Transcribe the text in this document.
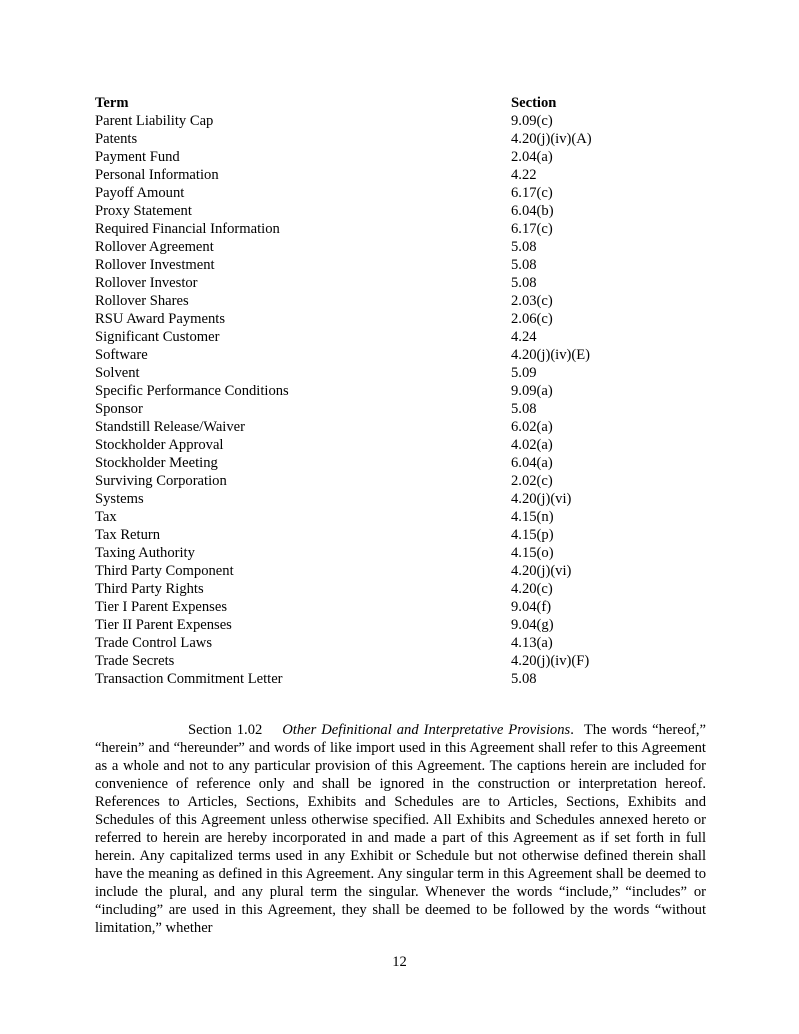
Term	Section
Parent Liability Cap	9.09(c)
Patents	4.20(j)(iv)(A)
Payment Fund	2.04(a)
Personal Information	4.22
Payoff Amount	6.17(c)
Proxy Statement	6.04(b)
Required Financial Information	6.17(c)
Rollover Agreement	5.08
Rollover Investment	5.08
Rollover Investor	5.08
Rollover Shares	2.03(c)
RSU Award Payments	2.06(c)
Significant Customer	4.24
Software	4.20(j)(iv)(E)
Solvent	5.09
Specific Performance Conditions	9.09(a)
Sponsor	5.08
Standstill Release/Waiver	6.02(a)
Stockholder Approval	4.02(a)
Stockholder Meeting	6.04(a)
Surviving Corporation	2.02(c)
Systems	4.20(j)(vi)
Tax	4.15(n)
Tax Return	4.15(p)
Taxing Authority	4.15(o)
Third Party Component	4.20(j)(vi)
Third Party Rights	4.20(c)
Tier I Parent Expenses	9.04(f)
Tier II Parent Expenses	9.04(g)
Trade Control Laws	4.13(a)
Trade Secrets	4.20(j)(iv)(F)
Transaction Commitment Letter	5.08

Section 1.02 Other Definitional and Interpretative Provisions. The words “hereof,” “herein” and “hereunder” and words of like import used in this Agreement shall refer to this Agreement as a whole and not to any particular provision of this Agreement. The captions herein are included for convenience of reference only and shall be ignored in the construction or interpretation hereof. References to Articles, Sections, Exhibits and Schedules are to Articles, Sections, Exhibits and Schedules of this Agreement unless otherwise specified. All Exhibits and Schedules annexed hereto or referred to herein are hereby incorporated in and made a part of this Agreement as if set forth in full herein. Any capitalized terms used in any Exhibit or Schedule but not otherwise defined therein shall have the meaning as defined in this Agreement. Any singular term in this Agreement shall be deemed to include the plural, and any plural term the singular. Whenever the words “include,” “includes” or “including” are used in this Agreement, they shall be deemed to be followed by the words “without limitation,” whether

12
